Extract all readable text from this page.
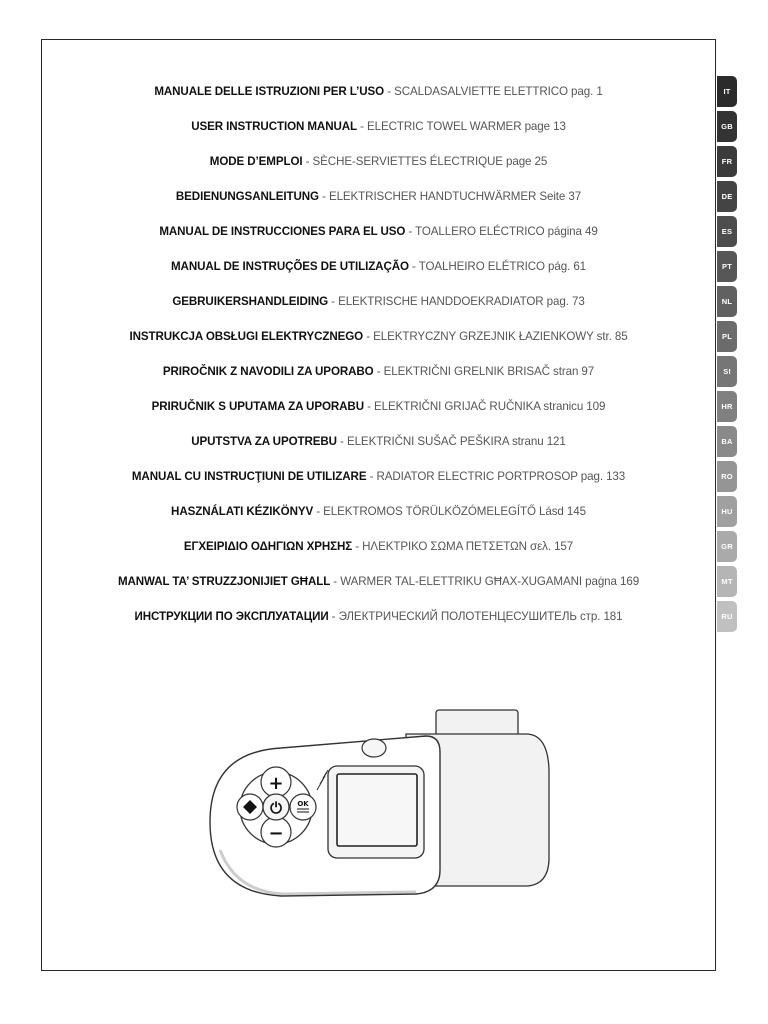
MANUALE DELLE ISTRUZIONI PER L’USO - SCALDASALVIETTE ELETTRICO pag. 1
USER INSTRUCTION MANUAL - ELECTRIC TOWEL WARMER page 13
MODE D’EMPLOI - SÈCHE-SERVIETTES ÉLECTRIQUE page 25
BEDIENUNGSANLEITUNG - ELEKTRISCHER HANDTUCHWÄRMER Seite 37
MANUAL DE INSTRUCCIONES PARA EL USO - TOALLERO ELÉCTRICO página 49
MANUAL DE INSTRUÇÕES DE UTILIZAÇÃO - TOALHEIRO ELÉTRICO pág. 61
GEBRUIKERSHANDLEIDING - ELEKTRISCHE HANDDOEKRADIATOR pag. 73
INSTRUKCJA OBSŁUGI ELEKTRYCZNEGO - ELEKTRYCZNY GRZEJNIK ŁAZIENKOWY str. 85
PRIROČNIK Z NAVODILI ZA UPORABO - ELEKTRIČNI GRELNIK BRISAČ stran 97
PRIRUČNIK S UPUTAMA ZA UPORABU - ELEKTRIČNI GRIJAČ RUČNIKA stranicu 109
UPUTSTVA ZA UPOTREBU - ELEKTRIČNI SUŠAČ PEŠKIRA stranu 121
MANUAL CU INSTRUCŢIUNI DE UTILIZARE - RADIATOR ELECTRIC PORTPROSOP pag. 133
HASZNÁLATI KÉZIKÖNYV - ELEKTROMOS TÖRÜLKÖZÓMELEGÍTŐ Lásd 145
ΕΓΧΕΙΡΙΔΙΟ ΟΔΗΓΙΩΝ ΧΡΗΣΗΣ - ΗΛΕΚΤΡΙΚΟ ΣΩΜΑ ΠΕΤΣΕΤΩΝ σελ. 157
MANWAL TA’ STRUZZJONIJIET GĦALL - WARMER TAL-ELETTRIKU GĦAX-XUGAMANI paġna 169
ИНСТРУКЦИИ ПО ЭКСПЛУАТАЦИИ - ЭЛЕКТРИЧЕСКИЙ ПОЛОТЕНЦЕСУШИТЕЛЬ стр. 181
IT
GB
FR
DE
ES
PT
NL
PL
SI
HR
BA
RO
HU
GR
MT
RU
+
−
OK
⏻
